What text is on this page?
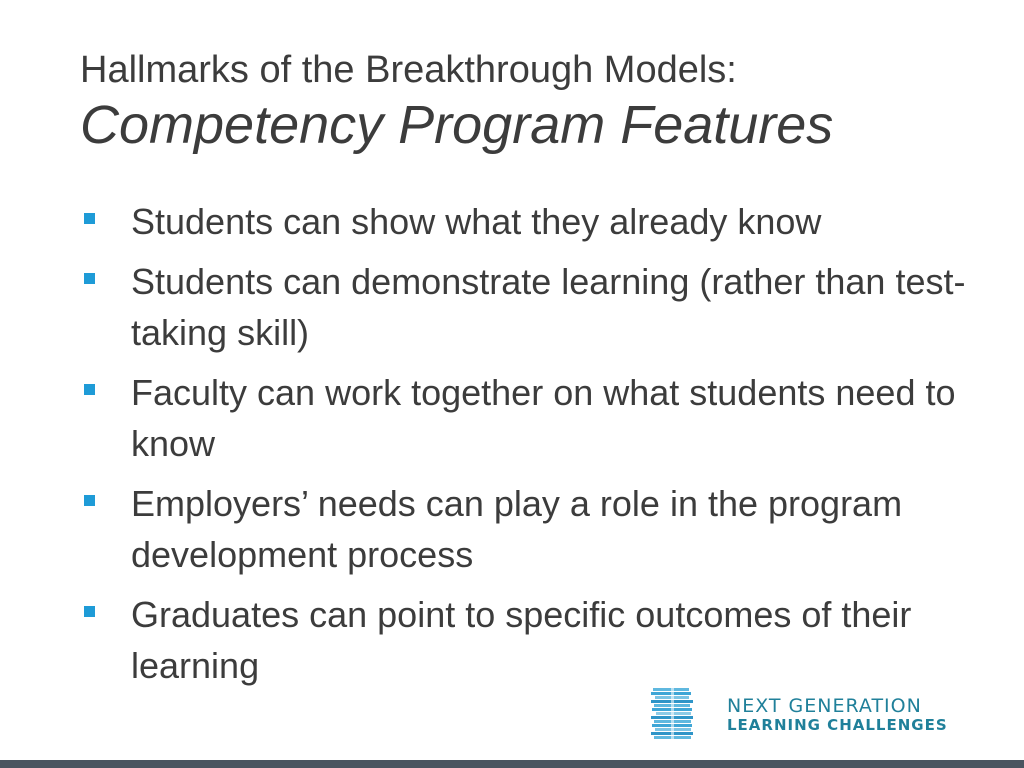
Hallmarks of the Breakthrough Models:
Competency Program Features
Students can show what they already know
Students can demonstrate learning (rather than test-taking skill)
Faculty can work together on what students need to know
Employers’ needs can play a role in the program development process
Graduates can point to specific outcomes of their learning
NEXT GENERATION
LEARNING CHALLENGES
